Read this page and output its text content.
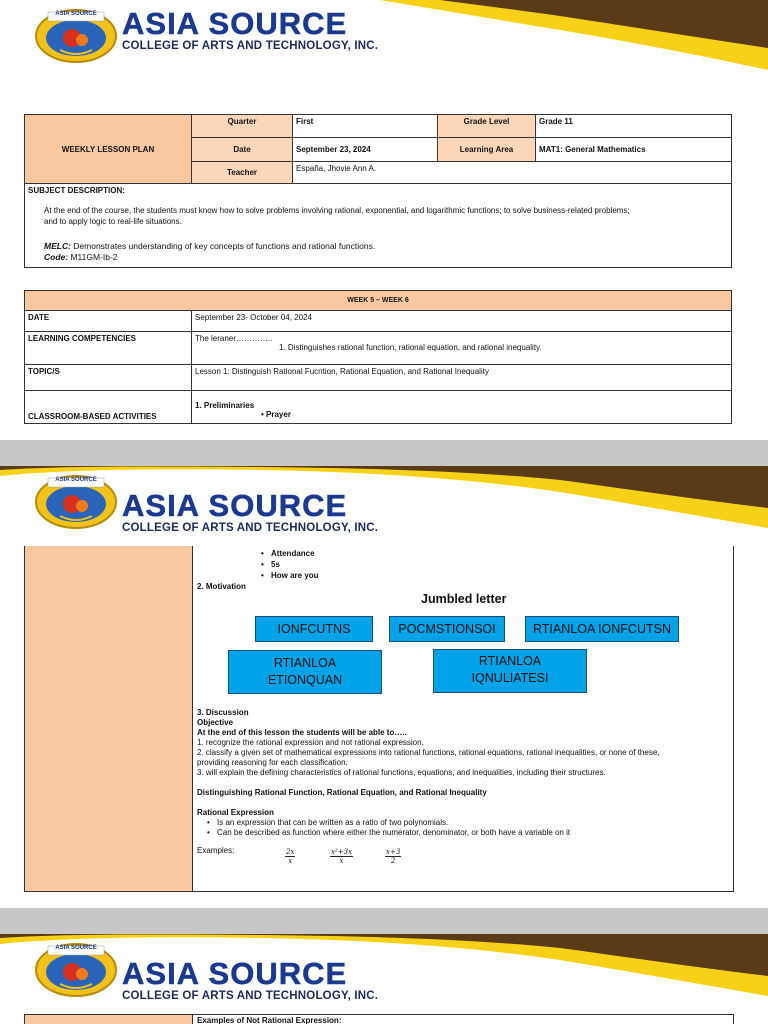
ASIA SOURCE ASIA SOURCE
COLLEGE OF ARTS AND TECHNOLOGY, INC.
WEEKLY LESSON PLAN	Quarter	First	Grade Level	Grade 11
	Date	September 23, 2024	Learning Area	MAT1: General Mathematics
	Teacher	España, Jhovie Ann A.		

SUBJECT DESCRIPTION:
At the end of the course, the students must know how to solve problems involving rational, exponential, and logarithmic functions; to solve business-related problems;
and to apply logic to real-life situations.
MELC: Demonstrates understanding of key concepts of functions and rational functions.
Code: M11GM-Ib-2				
WEEK 5 – WEEK 6	
DATE	September 23- October 04, 2024
LEARNING COMPETENCIES	The leraner…………..
1. Distinguishes rational function, rational equation, and rational inequality.

TOPIC/S	Lesson 1: Distinguish Rational Fucntion, Rational Equation, and Rational Inequality
CLASSROOM-BASED ACTIVITIES	1. Preliminaries
• Prayer
ASIA SOURCE
ASIA SOURCE
COLLEGE OF ARTS AND TECHNOLOGY, INC.
• Attendance
• 5s
• How are you
2. Motivation
Jumbled letter
IONFCUTNS	POCMSTIONSOI	RTIANLOA IONFCUTSN
RTIANLOA
ETIONQUAN
RTIANLOA
IQNULIATESI
3. Discussion
Objective
At the end of this lesson the students will be able to…..
1. recognize the rational expression and not rational expression,
2. classify a given set of mathematical expressions into rational functions, rational equations, rational inequalities, or none of these,
providing reasoning for each classification.
3. will explain the defining characteristics of rational functions, equations, and inequalities, including their structures.
Distinguishing Rational Function, Rational Equation, and Rational Inequality
Rational Expression
• Is an expression that can be written as a ratio of two polynomials.
• Can be described as function where either the numerator, denominator, or both have a variable on it
Examples:	$\frac{2x}{x}$	$\frac{\text{x²+3x}}{x}$	$\frac{x+3}{2}$
ASIA SOURCE
ASIA SOURCE
COLLEGE OF ARTS AND TECHNOLOGY, INC.
Examples of Not Rational Expression:
